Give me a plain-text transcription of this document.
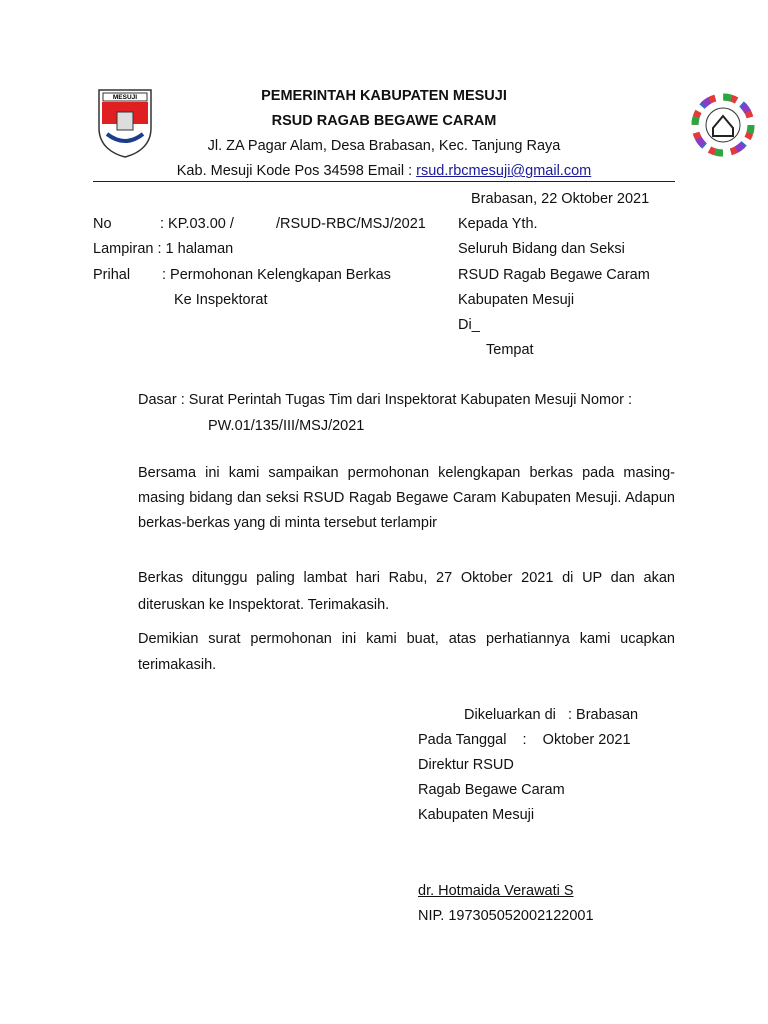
MESUJI	PEMERINTAH KABUPATEN MESUJI
RSUD RAGAB BEGAWE CARAM
Jl. ZA Pagar Alam, Desa Brabasan, Kec. Tanjung Raya
Kab. Mesuji Kode Pos 34598 Email : rsud.rbcmesuji@gmail.com
Brabasan, 22 Oktober 2021
No	: KP.03.00 /	/RSUD-RBC/MSJ/2021
Lampiran : 1 halaman
Prihal : Permohonan Kelengkapan Berkas
Ke Inspektorat
Kepada Yth.
Seluruh Bidang dan Seksi
RSUD Ragab Begawe Caram
Kabupaten Mesuji
Di_
Tempat
Dasar : Surat Perintah Tugas Tim dari Inspektorat Kabupaten Mesuji Nomor :
PW.01/135/III/MSJ/2021
Bersama ini kami sampaikan permohonan kelengkapan berkas pada masing-masing bidang dan seksi RSUD Ragab Begawe Caram Kabupaten Mesuji. Adapun berkas-berkas yang di minta tersebut terlampir
Berkas ditunggu paling lambat hari Rabu, 27 Oktober 2021 di UP dan akan diteruskan ke Inspektorat. Terimakasih.
Demikian surat permohonan ini kami buat, atas perhatiannya kami ucapkan terimakasih.
Dikeluarkan di   : Brabasan
Pada Tanggal    :    Oktober 2021
Direktur RSUD
Ragab Begawe Caram
Kabupaten Mesuji
dr. Hotmaida Verawati S
NIP. 197305052002122001
